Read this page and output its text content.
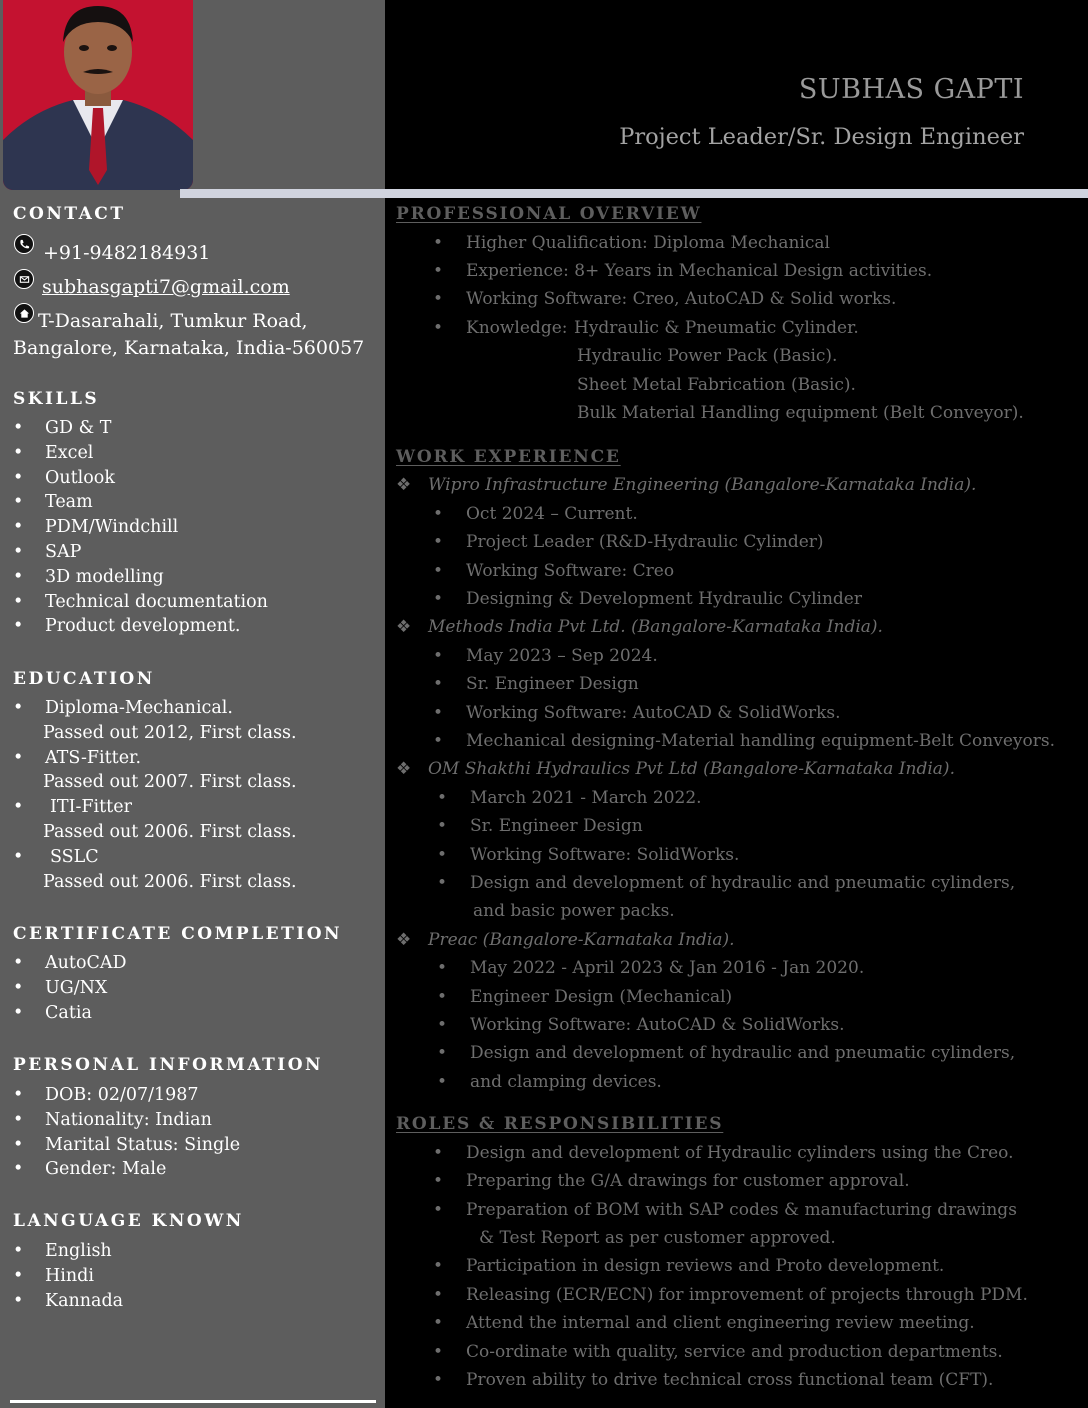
CONTACT
+91-9482184931
subhasgapti7@gmail.com
T-Dasarahali, Tumkur Road,
Bangalore, Karnataka, India-560057
SKILLS
• GD & T
• Excel
• Outlook
• Team
• PDM/Windchill
• SAP
• 3D modelling
• Technical documentation
• Product development.
EDUCATION
• Diploma-Mechanical.
Passed out 2012, First class.
• ATS-Fitter.
Passed out 2007. First class.
• ITI-Fitter
Passed out 2006. First class.
• SSLC
Passed out 2006. First class.
CERTIFICATE COMPLETION
• AutoCAD
• UG/NX
• Catia
PERSONAL INFORMATION
• DOB: 02/07/1987
• Nationality: Indian
• Marital Status: Single
• Gender: Male
LANGUAGE KNOWN
• English
• Hindi
• Kannada
SUBHAS GAPTI
Project Leader/Sr. Design Engineer
PROFESSIONAL OVERVIEW
• Higher Qualification: Diploma Mechanical
• Experience: 8+ Years in Mechanical Design activities.
• Working Software: Creo, AutoCAD & Solid works.
• Knowledge: Hydraulic & Pneumatic Cylinder.
Hydraulic Power Pack (Basic).
Sheet Metal Fabrication (Basic).
Bulk Material Handling equipment (Belt Conveyor).
WORK EXPERIENCE
❖ Wipro Infrastructure Engineering (Bangalore-Karnataka India).
• Oct 2024 – Current.
• Project Leader (R&D-Hydraulic Cylinder)
• Working Software: Creo
• Designing & Development Hydraulic Cylinder
❖ Methods India Pvt Ltd. (Bangalore-Karnataka India).
• May 2023 – Sep 2024.
• Sr. Engineer Design
• Working Software: AutoCAD & SolidWorks.
• Mechanical designing-Material handling equipment-Belt Conveyors.
❖ OM Shakthi Hydraulics Pvt Ltd (Bangalore-Karnataka India).
• March 2021 - March 2022.
• Sr. Engineer Design
• Working Software: SolidWorks.
• Design and development of hydraulic and pneumatic cylinders,
and basic power packs.
❖ Preac (Bangalore-Karnataka India).
• May 2022 - April 2023 & Jan 2016 - Jan 2020.
• Engineer Design (Mechanical)
• Working Software: AutoCAD & SolidWorks.
• Design and development of hydraulic and pneumatic cylinders,
• and clamping devices.
ROLES & RESPONSIBILITIES
• Design and development of Hydraulic cylinders using the Creo.
• Preparing the G/A drawings for customer approval.
• Preparation of BOM with SAP codes & manufacturing drawings
& Test Report as per customer approved.
• Participation in design reviews and Proto development.
• Releasing (ECR/ECN) for improvement of projects through PDM.
• Attend the internal and client engineering review meeting.
• Co-ordinate with quality, service and production departments.
• Proven ability to drive technical cross functional team (CFT).
